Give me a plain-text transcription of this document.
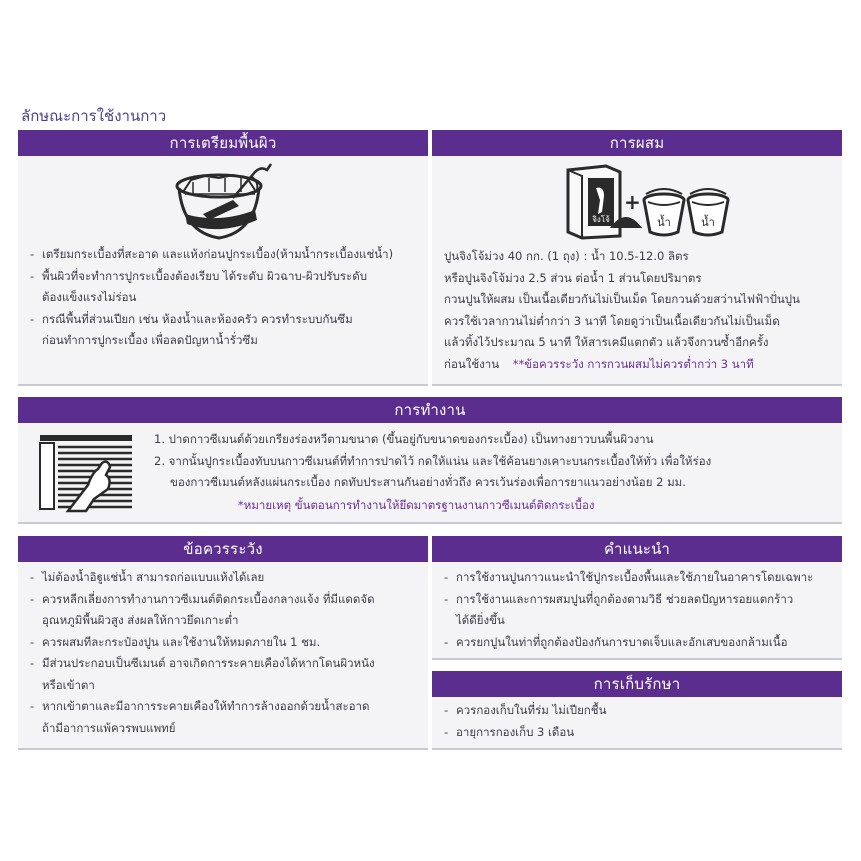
ลักษณะการใช้งานกาว
การเตรียมพื้นผิว
- เตรียมกระเบื้องที่สะอาด และแห้งก่อนปูกระเบื้อง(ห้ามน้ำกระเบื้องแช่น้ำ)
- พื้นผิวที่จะทำการปูกระเบื้องต้องเรียบ ได้ระดับ ผิวฉาบ-ผิวปรับระดับ
ต้องแข็งแรงไม่ร่อน
- กรณีพื้นที่ส่วนเปียก เช่น ห้องน้ำและห้องครัว ควรทำระบบกันซึม
ก่อนทำการปูกระเบื้อง เพื่อลดปัญหาน้ำรั่วซึม
การผสม
จิงโจ้
+
น้ำ	น้ำ
ปูนจิงโจ้ม่วง 40 กก. (1 ถุง) : น้ำ 10.5-12.0 ลิตร
หรือปูนจิงโจ้ม่วง 2.5 ส่วน ต่อน้ำ 1 ส่วนโดยปริมาตร
กวนปูนให้ผสม เป็นเนื้อเดียวกันไม่เป็นเม็ด โดยกวนด้วยสว่านไฟฟ้าปั่นปูน
ควรใช้เวลากวนไม่ต่ำกว่า 3 นาที โดยดูว่าเป็นเนื้อเดียวกันไม่เป็นเม็ด
แล้วทิ้งไว้ประมาณ 5 นาที ให้สารเคมีแตกตัว แล้วจึงกวนซ้ำอีกครั้ง
ก่อนใช้งาน **ข้อควรระวัง การกวนผสมไม่ควรต่ำกว่า 3 นาที
การทำงาน
1. ปาดกาวซีเมนต์ด้วยเกรียงร่องหวีตามขนาด (ขึ้นอยู่กับขนาดของกระเบื้อง) เป็นทางยาวบนพื้นผิวงาน
2. จากนั้นปูกระเบื้องทับบนกาวซีเมนต์ที่ทำการปาดไว้ กดให้แน่น และใช้ค้อนยางเคาะบนกระเบื้องให้ทั่ว เพื่อให้ร่อง
ของกาวซีเมนต์หลังแผ่นกระเบื้อง กดทับประสานกันอย่างทั่วถึง ควรเว้นร่องเพื่อการยาแนวอย่างน้อย 2 มม.
*หมายเหตุ ขั้นตอนการทำงานให้ยึดมาตรฐานงานกาวซีเมนต์ติดกระเบื้อง
ข้อควรระวัง
- ไม่ต้องน้ำอิฐูแช่น้ำ สามารถก่อแบบแห้งได้เลย
- ควรหลีกเลี่ยงการทำงานกาวซีเมนต์ติดกระเบื้องกลางแจ้ง ที่มีแดดจัด
อุณหภูมิพื้นผิวสูง ส่งผลให้กาวยึดเกาะต่ำ
- ควรผสมทีละกระป๋องปูน และใช้งานให้หมดภายใน 1 ชม.
- มีส่วนประกอบเป็นซีเมนต์ อาจเกิดการระคายเคืองได้หากโดนผิวหนัง
หรือเข้าตา
- หากเข้าตาและมีอาการระคายเคืองให้ทำการล้างออกด้วยน้ำสะอาด
ถ้ามีอาการแพ้ควรพบแพทย์
คำแนะนำ
- การใช้งานปูนกาวแนะนำใช้ปูกระเบื้องพื้นและใช้ภายในอาคารโดยเฉพาะ
- การใช้งานและการผสมปูนที่ถูกต้องตามวิธี ช่วยลดปัญหารอยแตกร้าว
ได้ดียิ่งขึ้น
- ควรยกปูนในท่าที่ถูกต้องป้องกันการบาดเจ็บและอักเสบของกล้ามเนื้อ
การเก็บรักษา
- ควรกองเก็บในที่ร่ม ไม่เปียกชื้น
- อายุการกองเก็บ 3 เดือน
